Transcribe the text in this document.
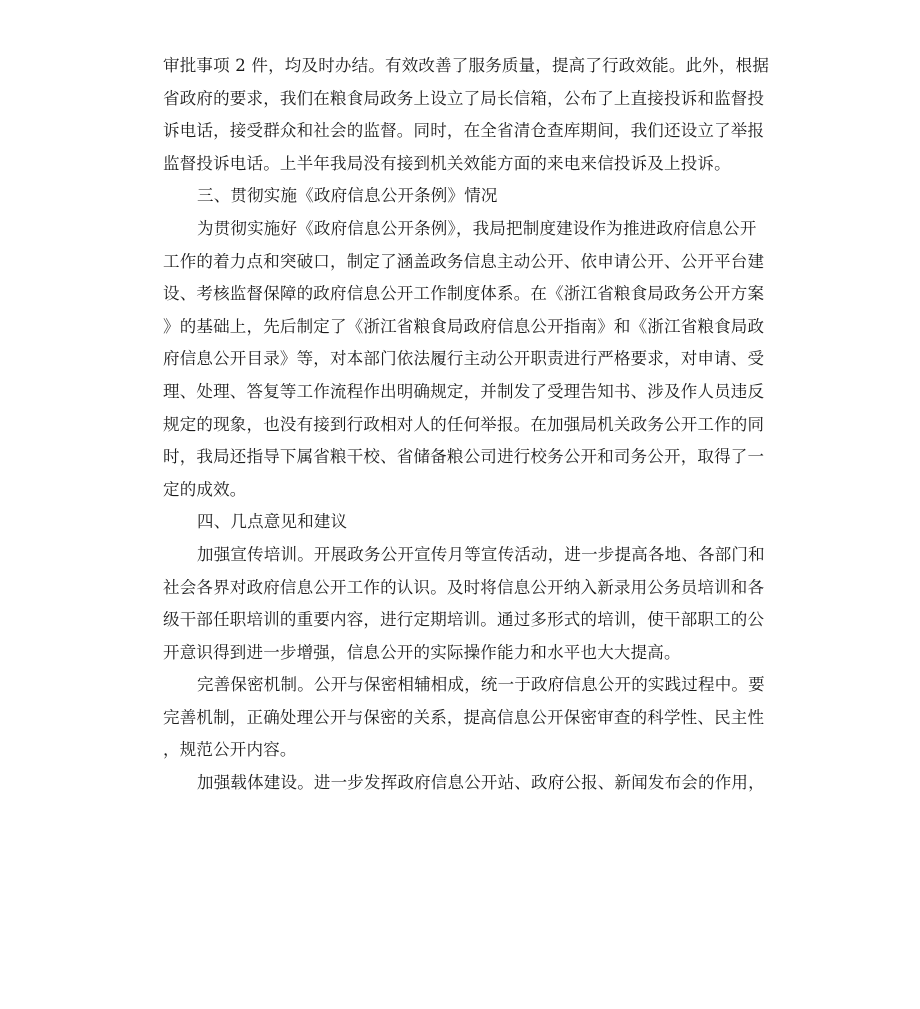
审批事项 2 件，均及时办结。有效改善了服务质量，提高了行政效能。此外，根据
省政府的要求，我们在粮食局政务上设立了局长信箱，公布了上直接投诉和监督投
诉电话，接受群众和社会的监督。同时，在全省清仓查库期间，我们还设立了举报
监督投诉电话。上半年我局没有接到机关效能方面的来电来信投诉及上投诉。
三、贯彻实施《政府信息公开条例》情况
为贯彻实施好《政府信息公开条例》，我局把制度建设作为推进政府信息公开
工作的着力点和突破口，制定了涵盖政务信息主动公开、依申请公开、公开平台建
设、考核监督保障的政府信息公开工作制度体系。在《浙江省粮食局政务公开方案
》的基础上，先后制定了《浙江省粮食局政府信息公开指南》和《浙江省粮食局政
府信息公开目录》等，对本部门依法履行主动公开职责进行严格要求，对申请、受
理、处理、答复等工作流程作出明确规定，并制发了受理告知书、涉及作人员违反
规定的现象，也没有接到行政相对人的任何举报。在加强局机关政务公开工作的同
时，我局还指导下属省粮干校、省储备粮公司进行校务公开和司务公开，取得了一
定的成效。
四、几点意见和建议
加强宣传培训。开展政务公开宣传月等宣传活动，进一步提高各地、各部门和
社会各界对政府信息公开工作的认识。及时将信息公开纳入新录用公务员培训和各
级干部任职培训的重要内容，进行定期培训。通过多形式的培训，使干部职工的公
开意识得到进一步增强，信息公开的实际操作能力和水平也大大提高。
完善保密机制。公开与保密相辅相成，统一于政府信息公开的实践过程中。要
完善机制，正确处理公开与保密的关系，提高信息公开保密审查的科学性、民主性
，规范公开内容。
加强载体建设。进一步发挥政府信息公开站、政府公报、新闻发布会的作用，
